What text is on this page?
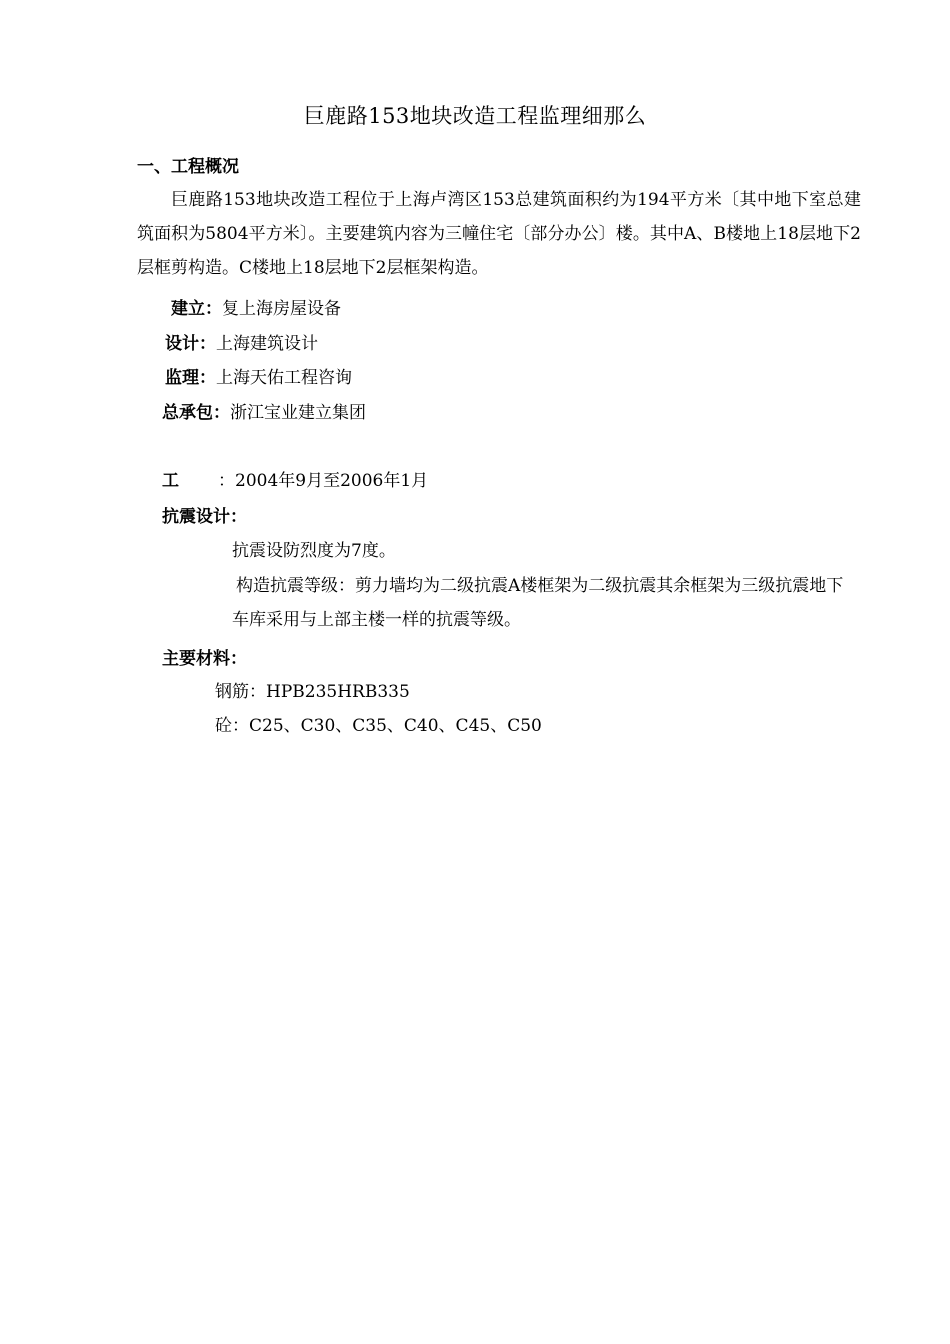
巨鹿路153地块改造工程监理细那么
一、工程概况
巨鹿路153地块改造工程位于上海卢湾区153总建筑面积约为194平方米〔其中地下室总建筑面积为5804平方米〕。主要建筑内容为三幢住宅〔部分办公〕楼。其中A、B楼地上18层地下2层框剪构造。C楼地上18层地下2层框架构造。
建立：复上海房屋设备
设计：上海建筑设计
监理：上海天佑工程咨询
总承包：浙江宝业建立集团
工 ：2004年9月至2006年1月
抗震设计：
抗震设防烈度为7度。
构造抗震等级：剪力墙均为二级抗震A楼框架为二级抗震其余框架为三级抗震地下车库采用与上部主楼一样的抗震等级。
主要材料：
钢筋：HPB235HRB335
砼：C25、C30、C35、C40、C45、C50
